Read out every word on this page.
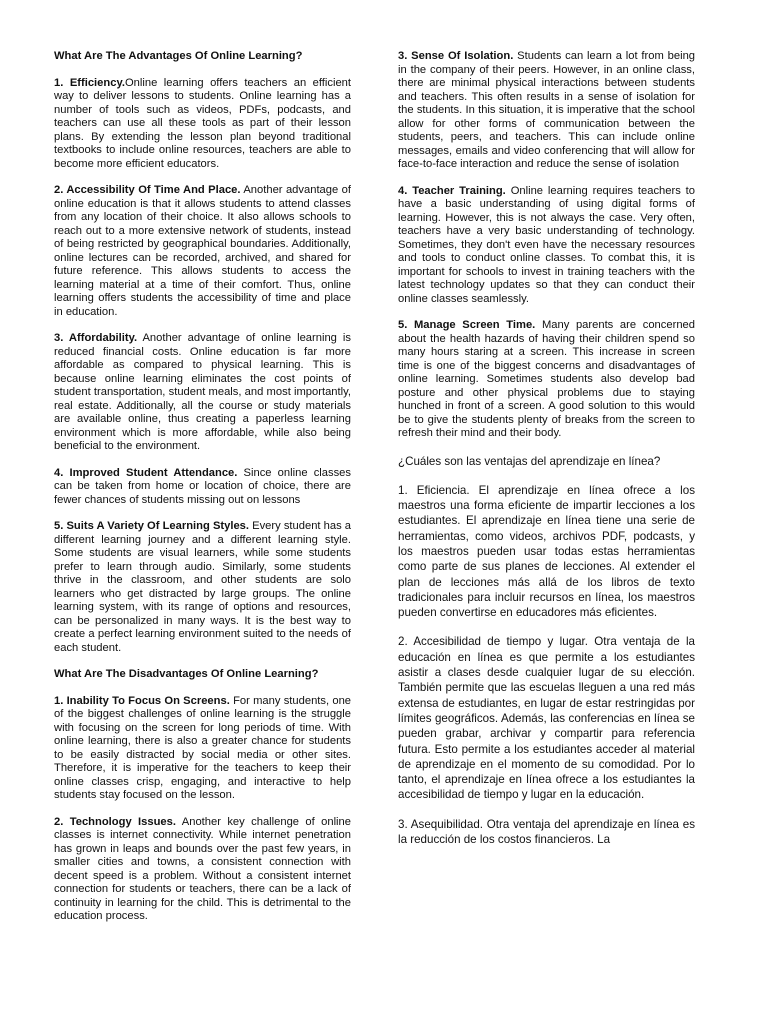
What Are The Advantages Of Online Learning?

1. Efficiency.Online learning offers teachers an efficient way to deliver lessons to students. Online learning has a number of tools such as videos, PDFs, podcasts, and teachers can use all these tools as part of their lesson plans. By extending the lesson plan beyond traditional textbooks to include online resources, teachers are able to become more efficient educators.

2. Accessibility Of Time And Place. Another advantage of online education is that it allows students to attend classes from any location of their choice. It also allows schools to reach out to a more extensive network of students, instead of being restricted by geographical boundaries. Additionally, online lectures can be recorded, archived, and shared for future reference. This allows students to access the learning material at a time of their comfort. Thus, online learning offers students the accessibility of time and place in education.

3. Affordability. Another advantage of online learning is reduced financial costs. Online education is far more affordable as compared to physical learning. This is because online learning eliminates the cost points of student transportation, student meals, and most importantly, real estate. Additionally, all the course or study materials are available online, thus creating a paperless learning environment which is more affordable, while also being beneficial to the environment.

4. Improved Student Attendance. Since online classes can be taken from home or location of choice, there are fewer chances of students missing out on lessons

5. Suits A Variety Of Learning Styles. Every student has a different learning journey and a different learning style. Some students are visual learners, while some students prefer to learn through audio. Similarly, some students thrive in the classroom, and other students are solo learners who get distracted by large groups. The online learning system, with its range of options and resources, can be personalized in many ways. It is the best way to create a perfect learning environment suited to the needs of each student.

What Are The Disadvantages Of Online Learning?

1. Inability To Focus On Screens. For many students, one of the biggest challenges of online learning is the struggle with focusing on the screen for long periods of time. With online learning, there is also a greater chance for students to be easily distracted by social media or other sites. Therefore, it is imperative for the teachers to keep their online classes crisp, engaging, and interactive to help students stay focused on the lesson.

2. Technology Issues. Another key challenge of online classes is internet connectivity. While internet penetration has grown in leaps and bounds over the past few years, in smaller cities and towns, a consistent connection with decent speed is a problem. Without a consistent internet connection for students or teachers, there can be a lack of continuity in learning for the child. This is detrimental to the education process.

3. Sense Of Isolation. Students can learn a lot from being in the company of their peers. However, in an online class, there are minimal physical interactions between students and teachers. This often results in a sense of isolation for the students. In this situation, it is imperative that the school allow for other forms of communication between the students, peers, and teachers. This can include online messages, emails and video conferencing that will allow for face-to-face interaction and reduce the sense of isolation

4. Teacher Training. Online learning requires teachers to have a basic understanding of using digital forms of learning. However, this is not always the case. Very often, teachers have a very basic understanding of technology. Sometimes, they don't even have the necessary resources and tools to conduct online classes. To combat this, it is important for schools to invest in training teachers with the latest technology updates so that they can conduct their online classes seamlessly.

5. Manage Screen Time. Many parents are concerned about the health hazards of having their children spend so many hours staring at a screen. This increase in screen time is one of the biggest concerns and disadvantages of online learning. Sometimes students also develop bad posture and other physical problems due to staying hunched in front of a screen. A good solution to this would be to give the students plenty of breaks from the screen to refresh their mind and their body.

¿Cuáles son las ventajas del aprendizaje en línea?

1. Eficiencia. El aprendizaje en línea ofrece a los maestros una forma eficiente de impartir lecciones a los estudiantes. El aprendizaje en línea tiene una serie de herramientas, como videos, archivos PDF, podcasts, y los maestros pueden usar todas estas herramientas como parte de sus planes de lecciones. Al extender el plan de lecciones más allá de los libros de texto tradicionales para incluir recursos en línea, los maestros pueden convertirse en educadores más eficientes.

2. Accesibilidad de tiempo y lugar. Otra ventaja de la educación en línea es que permite a los estudiantes asistir a clases desde cualquier lugar de su elección. También permite que las escuelas lleguen a una red más extensa de estudiantes, en lugar de estar restringidas por límites geográficos. Además, las conferencias en línea se pueden grabar, archivar y compartir para referencia futura. Esto permite a los estudiantes acceder al material de aprendizaje en el momento de su comodidad. Por lo tanto, el aprendizaje en línea ofrece a los estudiantes la accesibilidad de tiempo y lugar en la educación.

3. Asequibilidad. Otra ventaja del aprendizaje en línea es la reducción de los costos financieros. La
